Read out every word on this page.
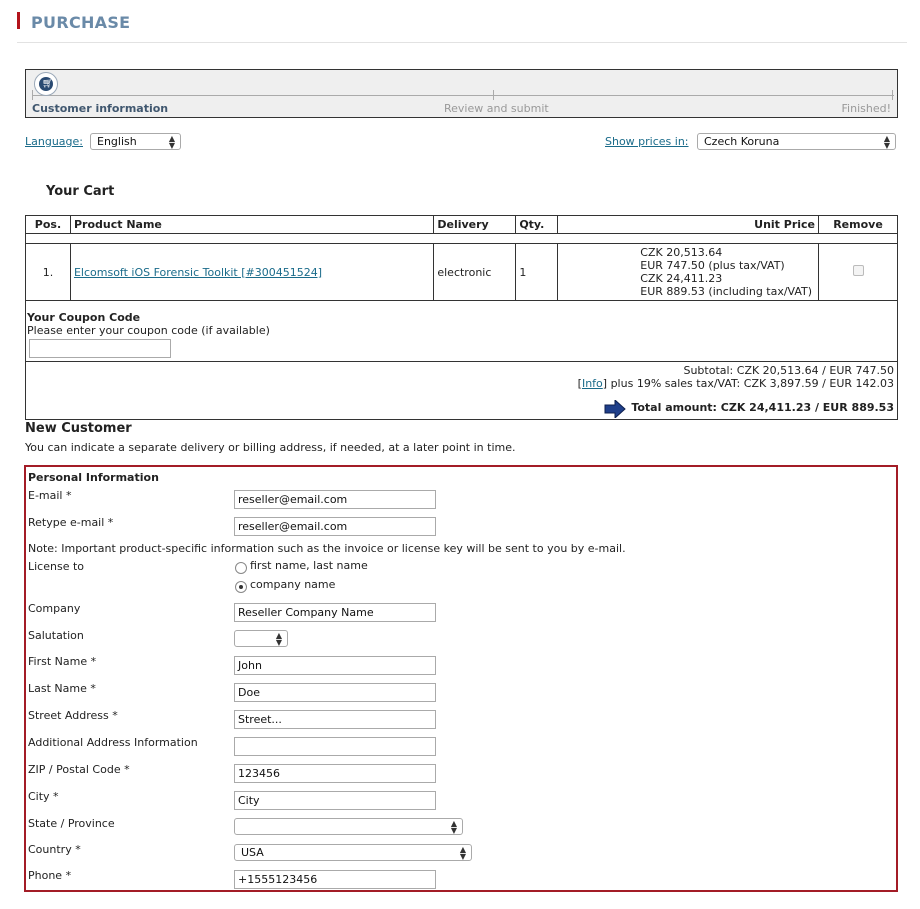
PURCHASE
🛒︎
Customer information	Review and submit	Finished!
Language:	English	▲
▼	Show prices in:	Czech Koruna	▲
▼
Your Cart
Pos.	Product Name	Delivery	Qty.	Unit Price	Remove

1.	Elcomsoft iOS Forensic Toolkit [#300451524]	electronic	1	CZK 20,513.64
EUR 747.50 (plus tax/VAT)
CZK 24,411.23
EUR 889.53 (including tax/VAT)	

Your Coupon Code
Please enter your coupon code (if available)
Subtotal: CZK 20,513.64 / EUR 747.50
[Info] plus 19% sales tax/VAT: CZK 3,897.59 / EUR 142.03
Total amount: CZK 24,411.23 / EUR 889.53
New Customer
You can indicate a separate delivery or billing address, if needed, at a later point in time.
Personal Information
E-mail *	reseller@email.com
Retype e-mail *	reseller@email.com
Note: Important product-specific information such as the invoice or license key will be sent to you by e-mail.
License to	first name, last name
company name
Company	Reseller Company Name
Salutation	▲
▼
First Name *	John
Last Name *	Doe
Street Address *	Street...
Additional Address Information
ZIP / Postal Code *	123456
City *	City
State / Province	▲
▼
Country *	USA	▲
▼
Phone *	+1555123456
